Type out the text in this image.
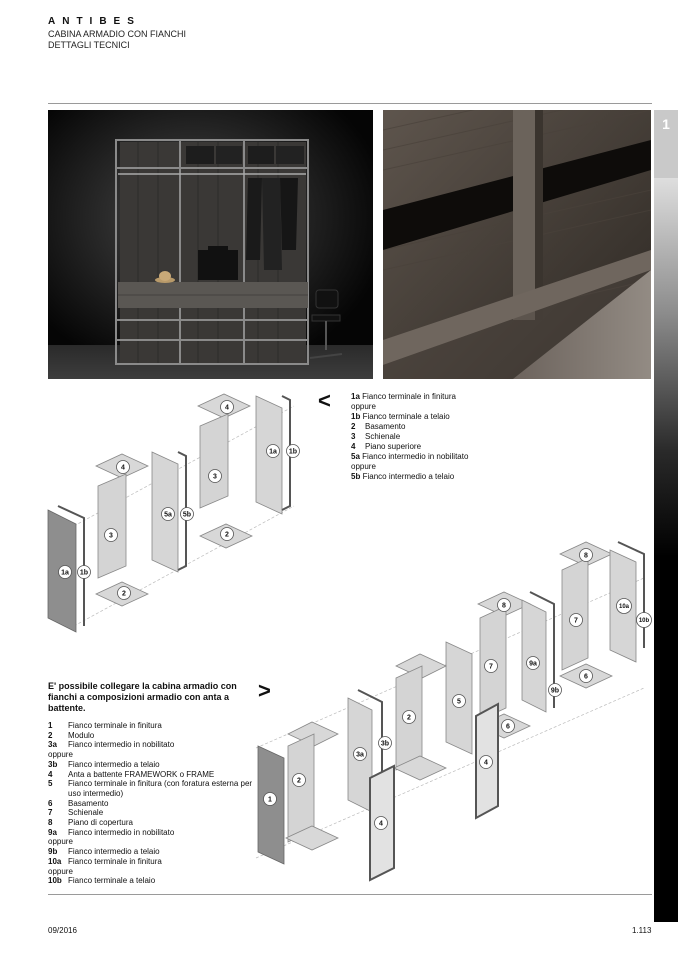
ANTIBES
CABINA ARMADIO CON FIANCHI
DETTAGLI TECNICI
1
<	1a Fianco terminale in finitura
oppure
1b Fianco terminale a telaio
2 Basamento
3 Schienale
4 Piano superiore
5a Fianco intermedio in nobilitato
oppure
5b Fianco intermedio a telaio
4
4
3
3
1a 1b
5a 5b
1a 1b
2
2
E' possibile collegare la cabina armadio con fianchi a composizioni armadio con anta a battente.
>
1	Fianco terminale in finitura
2	Modulo
3a	Fianco intermedio in nobilitato
oppure
3b	Fianco intermedio a telaio
4	Anta a battente FRAMEWORK o FRAME
5	Fianco terminale in finitura (con foratura esterna per uso intermedio)
6	Basamento
7	Schienale
8	Piano di copertura
9a	Fianco intermedio in nobilitato
oppure
9b	Fianco intermedio a telaio
10a Fianco terminale in finitura
oppure
10b Fianco terminale a telaio
8
8	10a
10b
7
7	9a
9b
6
6
5
2
2
3a
3b
1
4
4
09/2016	1.113
